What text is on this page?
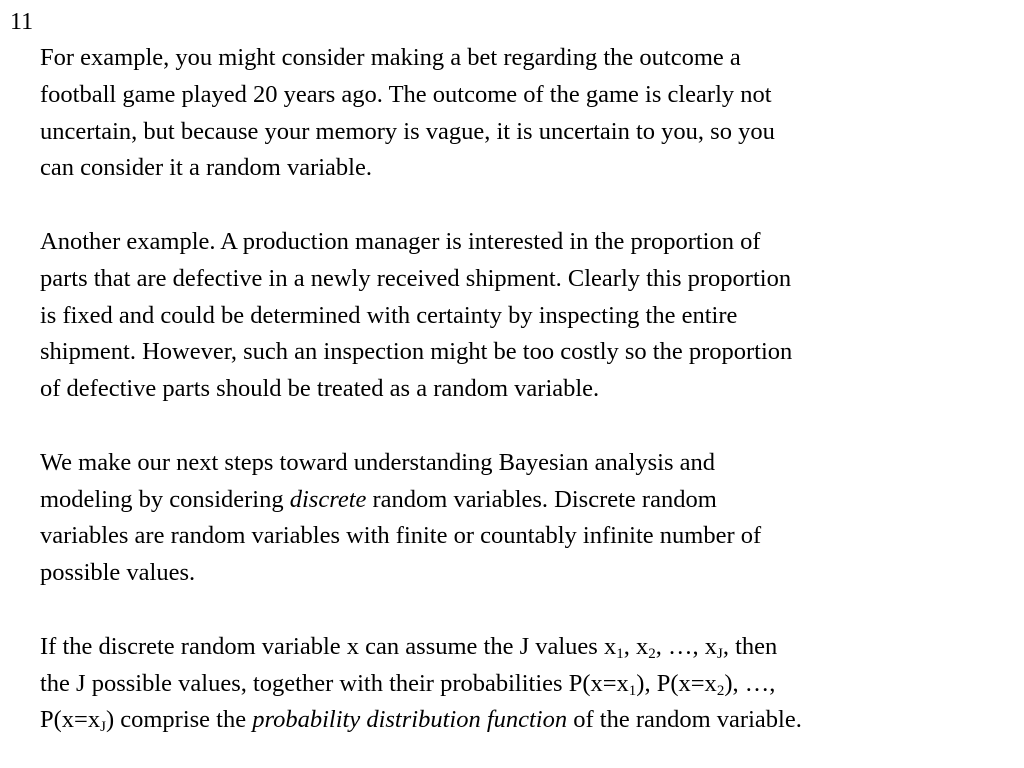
11

For example, you might consider making a bet regarding the outcome a
football game played 20 years ago. The outcome of the game is clearly not
uncertain, but because your memory is vague, it is uncertain to you, so you
can consider it a random variable.

Another example. A production manager is interested in the proportion of
parts that are defective in a newly received shipment. Clearly this proportion
is fixed and could be determined with certainty by inspecting the entire
shipment. However, such an inspection might be too costly so the proportion
of defective parts should be treated as a random variable.

We make our next steps toward understanding Bayesian analysis and
modeling by considering discrete random variables. Discrete random
variables are random variables with finite or countably infinite number of
possible values.

If the discrete random variable x can assume the J values $x_1$, $x_2$, …, $x_J$, then
the J possible values, together with their probabilities $P(x=x_1)$, $P(x=x_2)$, …,
$P(x=x_J)$ comprise the probability distribution function of the random variable.
